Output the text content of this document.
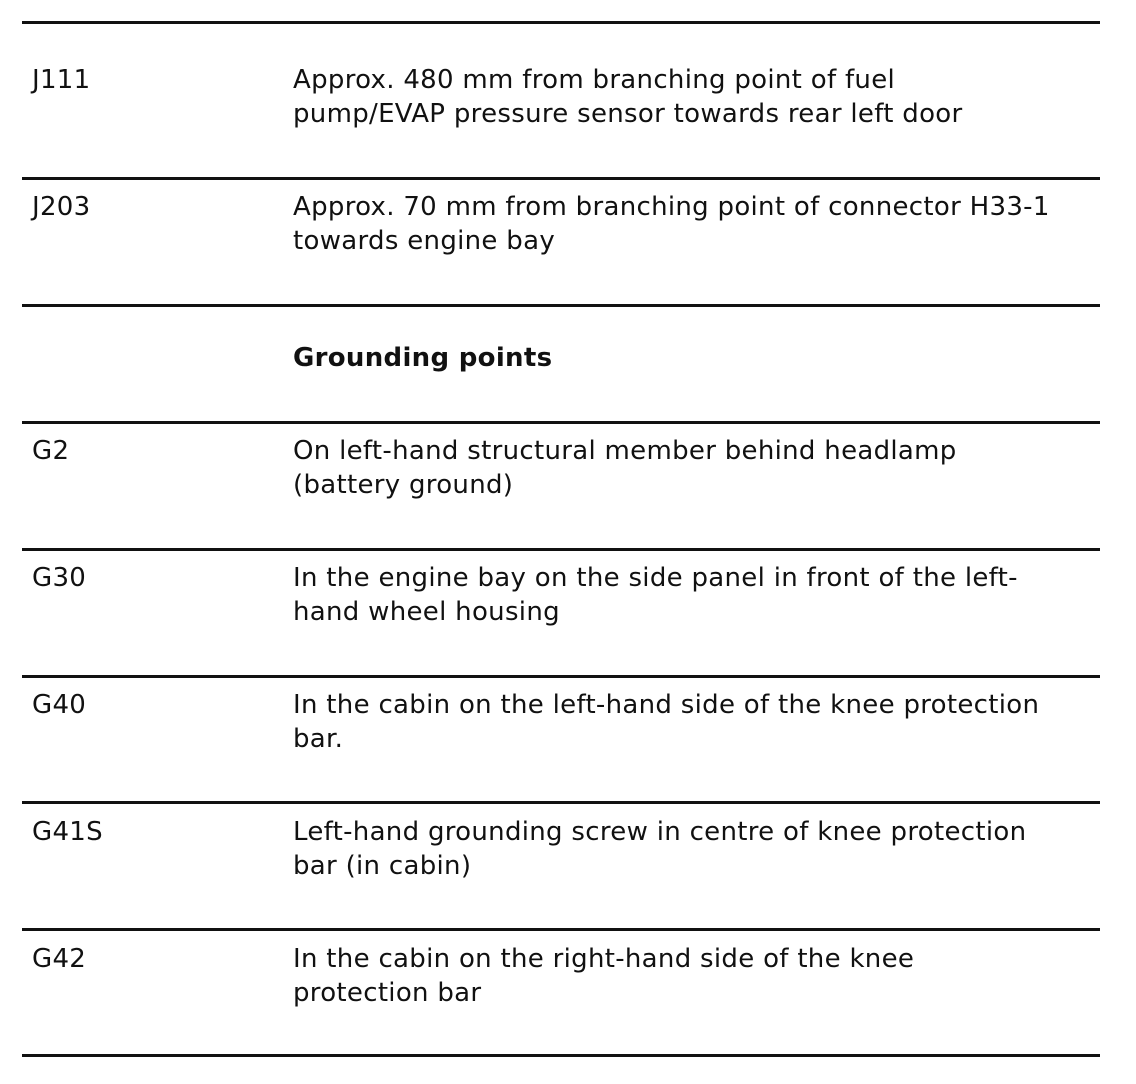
J111	Approx. 480 mm from branching point of fuel
pump/EVAP pressure sensor towards rear left door
J203	Approx. 70 mm from branching point of connector H33-1
towards engine bay
Grounding points
G2	On left-hand structural member behind headlamp
(battery ground)
G30	In the engine bay on the side panel in front of the left-
hand wheel housing
G40	In the cabin on the left-hand side of the knee protection
bar.
G41S	Left-hand grounding screw in centre of knee protection
bar (in cabin)
G42	In the cabin on the right-hand side of the knee
protection bar
